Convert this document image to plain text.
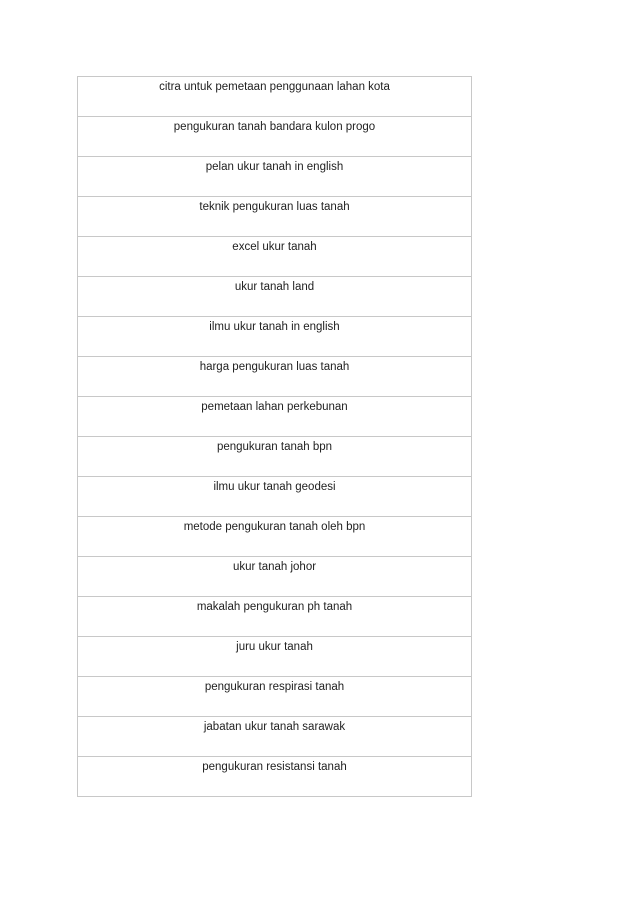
citra untuk pemetaan penggunaan lahan kota
pengukuran tanah bandara kulon progo
pelan ukur tanah in english
teknik pengukuran luas tanah
excel ukur tanah
ukur tanah land
ilmu ukur tanah in english
harga pengukuran luas tanah
pemetaan lahan perkebunan
pengukuran tanah bpn
ilmu ukur tanah geodesi
metode pengukuran tanah oleh bpn
ukur tanah johor
makalah pengukuran ph tanah
juru ukur tanah
pengukuran respirasi tanah
jabatan ukur tanah sarawak
pengukuran resistansi tanah
